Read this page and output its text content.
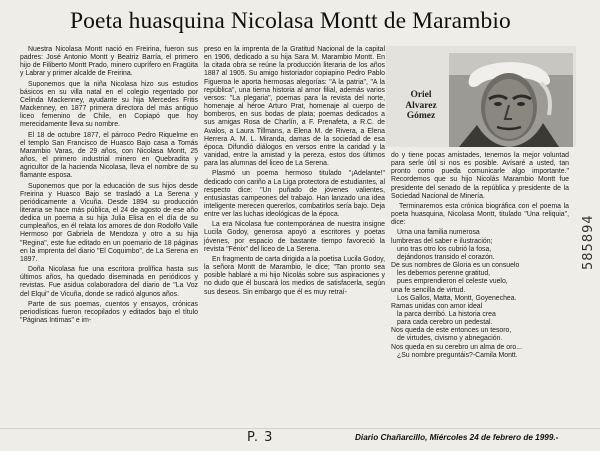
Poeta huasquina Nicolasa Montt de Marambio

Nuestra Nicolasa Montt nació en Freirina, fueron sus padres: José Antonio Montt y Beatriz Barría, el primero hijo de Filiberto Montt Prado, minero cuprífero en Fragüita y Labrar y primer alcalde de Freirina.

Suponemos que la niña Nicolasa hizo sus estudios básicos en su villa natal en el colegio regentado por Celinda Mackenney, ayudante su hija Mercedes Fritis Mackenney, en 1877 primera directora del más antiguo liceo femenino de Chile, en Copiapó que hoy merecidamente lleva su nombre.

El 18 de octubre 1877, el párroco Pedro Riquelme en el templo San Francisco de Huasco Bajo casa a Tomás Marambio Varas, de 29 años, con Nicolasa Montt, 25 años, el primero industrial minero en Quebradita y agricultor de la hacienda Nicolasa, lleva el nombre de su flamante esposa.

Suponemos que por la educación de sus hijos desde Freirina y Huasco Bajo se trasladó a La Serena y periódicamente a Vicuña. Desde 1894 su producción literaria se hace más pública, el 24 de agosto de ese año dedica un poema a su hija Julia Elisa en el día de su cumpleaños, en él relata los amores de don Rodolfo Valle Hermoso por Gabriela de Mendoza y otro a su hija "Regina", este fue editado en un poemario de 18 páginas en la imprenta del diario "El Coquimbo", de La Serena en 1897.

Doña Nicolasa fue una escritora prolífica hasta sus últimos años, ha quedado diseminada en periódicos y revistas. Fue asidua colaboradora del diario de "La Voz del Elqui" de Vicuña, donde se radicó algunos años.

Parte de sus poemas, cuentos y ensayos, crónicas periodísticas fueron recopilados y editados bajo el título "Páginas Intimas" e im-

preso en la imprenta de la Gratitud Nacional de la capital en 1906, dedicado a su hija Sara M. Marambio Montt. En la citada obra se reúne la producción literaria de los años 1887 al 1905. Su amigo historiador copiapino Pedro Pablo Figueroa le aporta hermosas alegorías: "A la patria", "A la república", una tierna historia al amor filial, además varios versos: "La plegaria", poemas para la revista del norte, homenaje al héroe Arturo Prat, homenaje al cuerpo de bomberos, en sus bodas de plata; poemas dedicados a sus amigas Rosa de Charlín, a F. Prenafeta, a R.C. de Avalos, a Laura Tillmans, a Elena M. de Rivera, a Elena Herrera A. M. L. Miranda, damas de la sociedad de esa época. Difundió diálogos en versos entre la caridad y la vanidad, entre la amistad y la pereza, estos dos últimos para las alumnas del liceo de La Serena.

Plasmó un poema hermoso titulado "¡Adelante!" dedicado con cariño a La Liga protectora de estudiantes, al respecto dice: "Un puñado de jóvenes valientes, entusiastas campeones del trabajo. Han lanzado una idea inteligente merecen quererlos, combatirlos sería bajo. Deja entre ver las luchas ideológicas de la época.

La era Nicolasa fue contemporánea de nuestra insigne Lucila Godoy, generosa apoyó a escritores y poetas jóvenes, por espacio de bastante tiempo favoreció la revista "Fénix" del liceo de La Serena.

En fragmento de carta dirigida a la poetisa Lucila Godoy, la señora Montt de Marambio, le dice; "Tan pronto sea posible hablaré a mi hijo Nicolás sobre sus aspiraciones y no dudo que él buscará los medios de satisfacerla, según sus deseos. Sin embargo que él es muy retraí-

Oriel
Alvarez
Gómez

do y tiene pocas amistades, tenemos la mejor voluntad para serle útil si nos es posible. Avísaré a usted, tan pronto como pueda comunicarle algo importante." Recordemos que su hijo Nicolás Marambio Montt fue presidente del senado de la república y presidente de la Sociedad Nacional de Minería.

Terminaremos esta crónica biográfica con el poema la poeta huasquina, Nicolasa Montt, titulado "Una reliquia", dice:

Urna una familia numerosa
lumbreras del saber e ilustración;
uno tras otro los cubrió la fosa,
dejándonos transido el corazón.
De sus nombres de Gloria es un consuelo
les debemos perenne gratitud,
pues emprendieron el celeste vuelo,
una fe sencilla de virtud.
Los Gallos, Matta, Montt, Goyenechea.
Ramas unidas con amor ideal
la parca derribó. La historia crea
para cada cerebro un pedestal.
Nos queda de este entonces un tesoro,
de virtudes, civismo y abnegación.
Nos queda en su cerebro un alma de oro...
¿Su nombre preguntáis?-Camila Montt.
585894
P. 3	Diario Chañarcillo, Miércoles 24 de febrero de 1999.-
